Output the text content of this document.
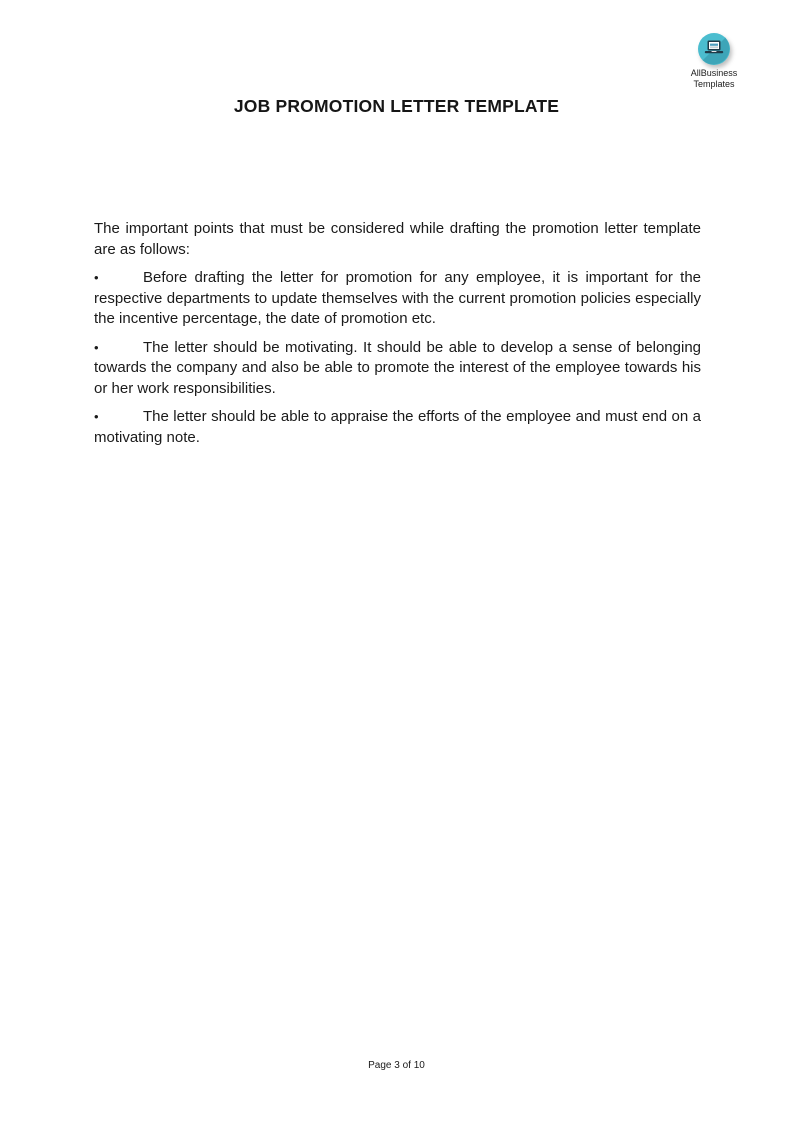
AllBusiness
Templates
JOB PROMOTION LETTER TEMPLATE

The important points that must be considered while drafting the promotion letter template are as follows:

•	Before drafting the letter for promotion for any employee, it is important for the respective departments to update themselves with the current promotion policies especially the incentive percentage, the date of promotion etc.

•	The letter should be motivating. It should be able to develop a sense of belonging towards the company and also be able to promote the interest of the employee towards his or her work responsibilities.

•	The letter should be able to appraise the efforts of the employee and must end on a motivating note.

Page 3 of 10
